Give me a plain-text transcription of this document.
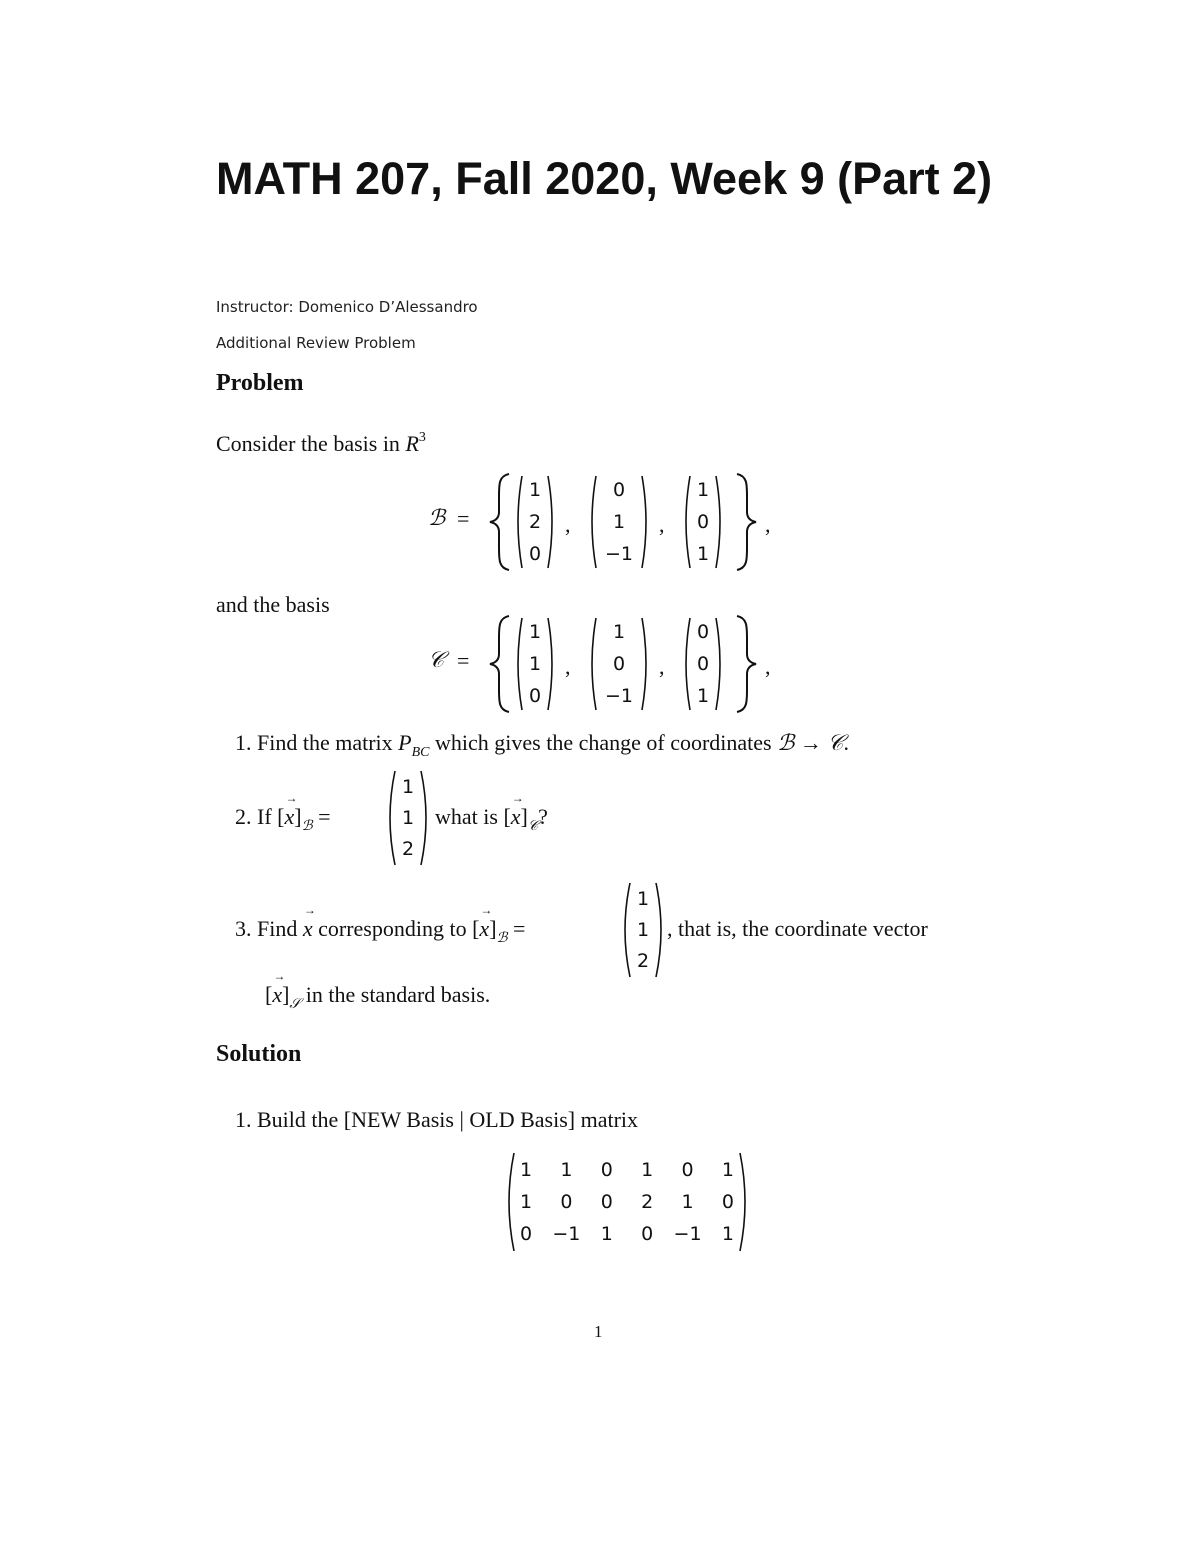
MATH 207, Fall 2020, Week 9 (Part 2)
Instructor: Domenico D’Alessandro
Additional Review Problem
Problem
Consider the basis in $R^3$
ℬ =
1
2
0
,
0
1
−1
,
1
0
1
,
and the basis
𝒞 =
1
1
0
,
1
0
−1
,
0
0
1
,
1. Find the matrix $P_{BC}$ which gives the change of coordinates ℬ → 𝒞.
2. If [→ $x]_ℬ$ =
1
1
2
what is [→ $x]_𝒞$?
3. Find → x corresponding to [→ $x]_ℬ$ =
1
1
2
, that is, the coordinate vector
[→ $x]_𝒮$ in the standard basis.
Solution
1. Build the [NEW Basis | OLD Basis] matrix
1	1	0	1	0	1
1	0	0	2	1	0
0	−1	1	0	−1	1
1
